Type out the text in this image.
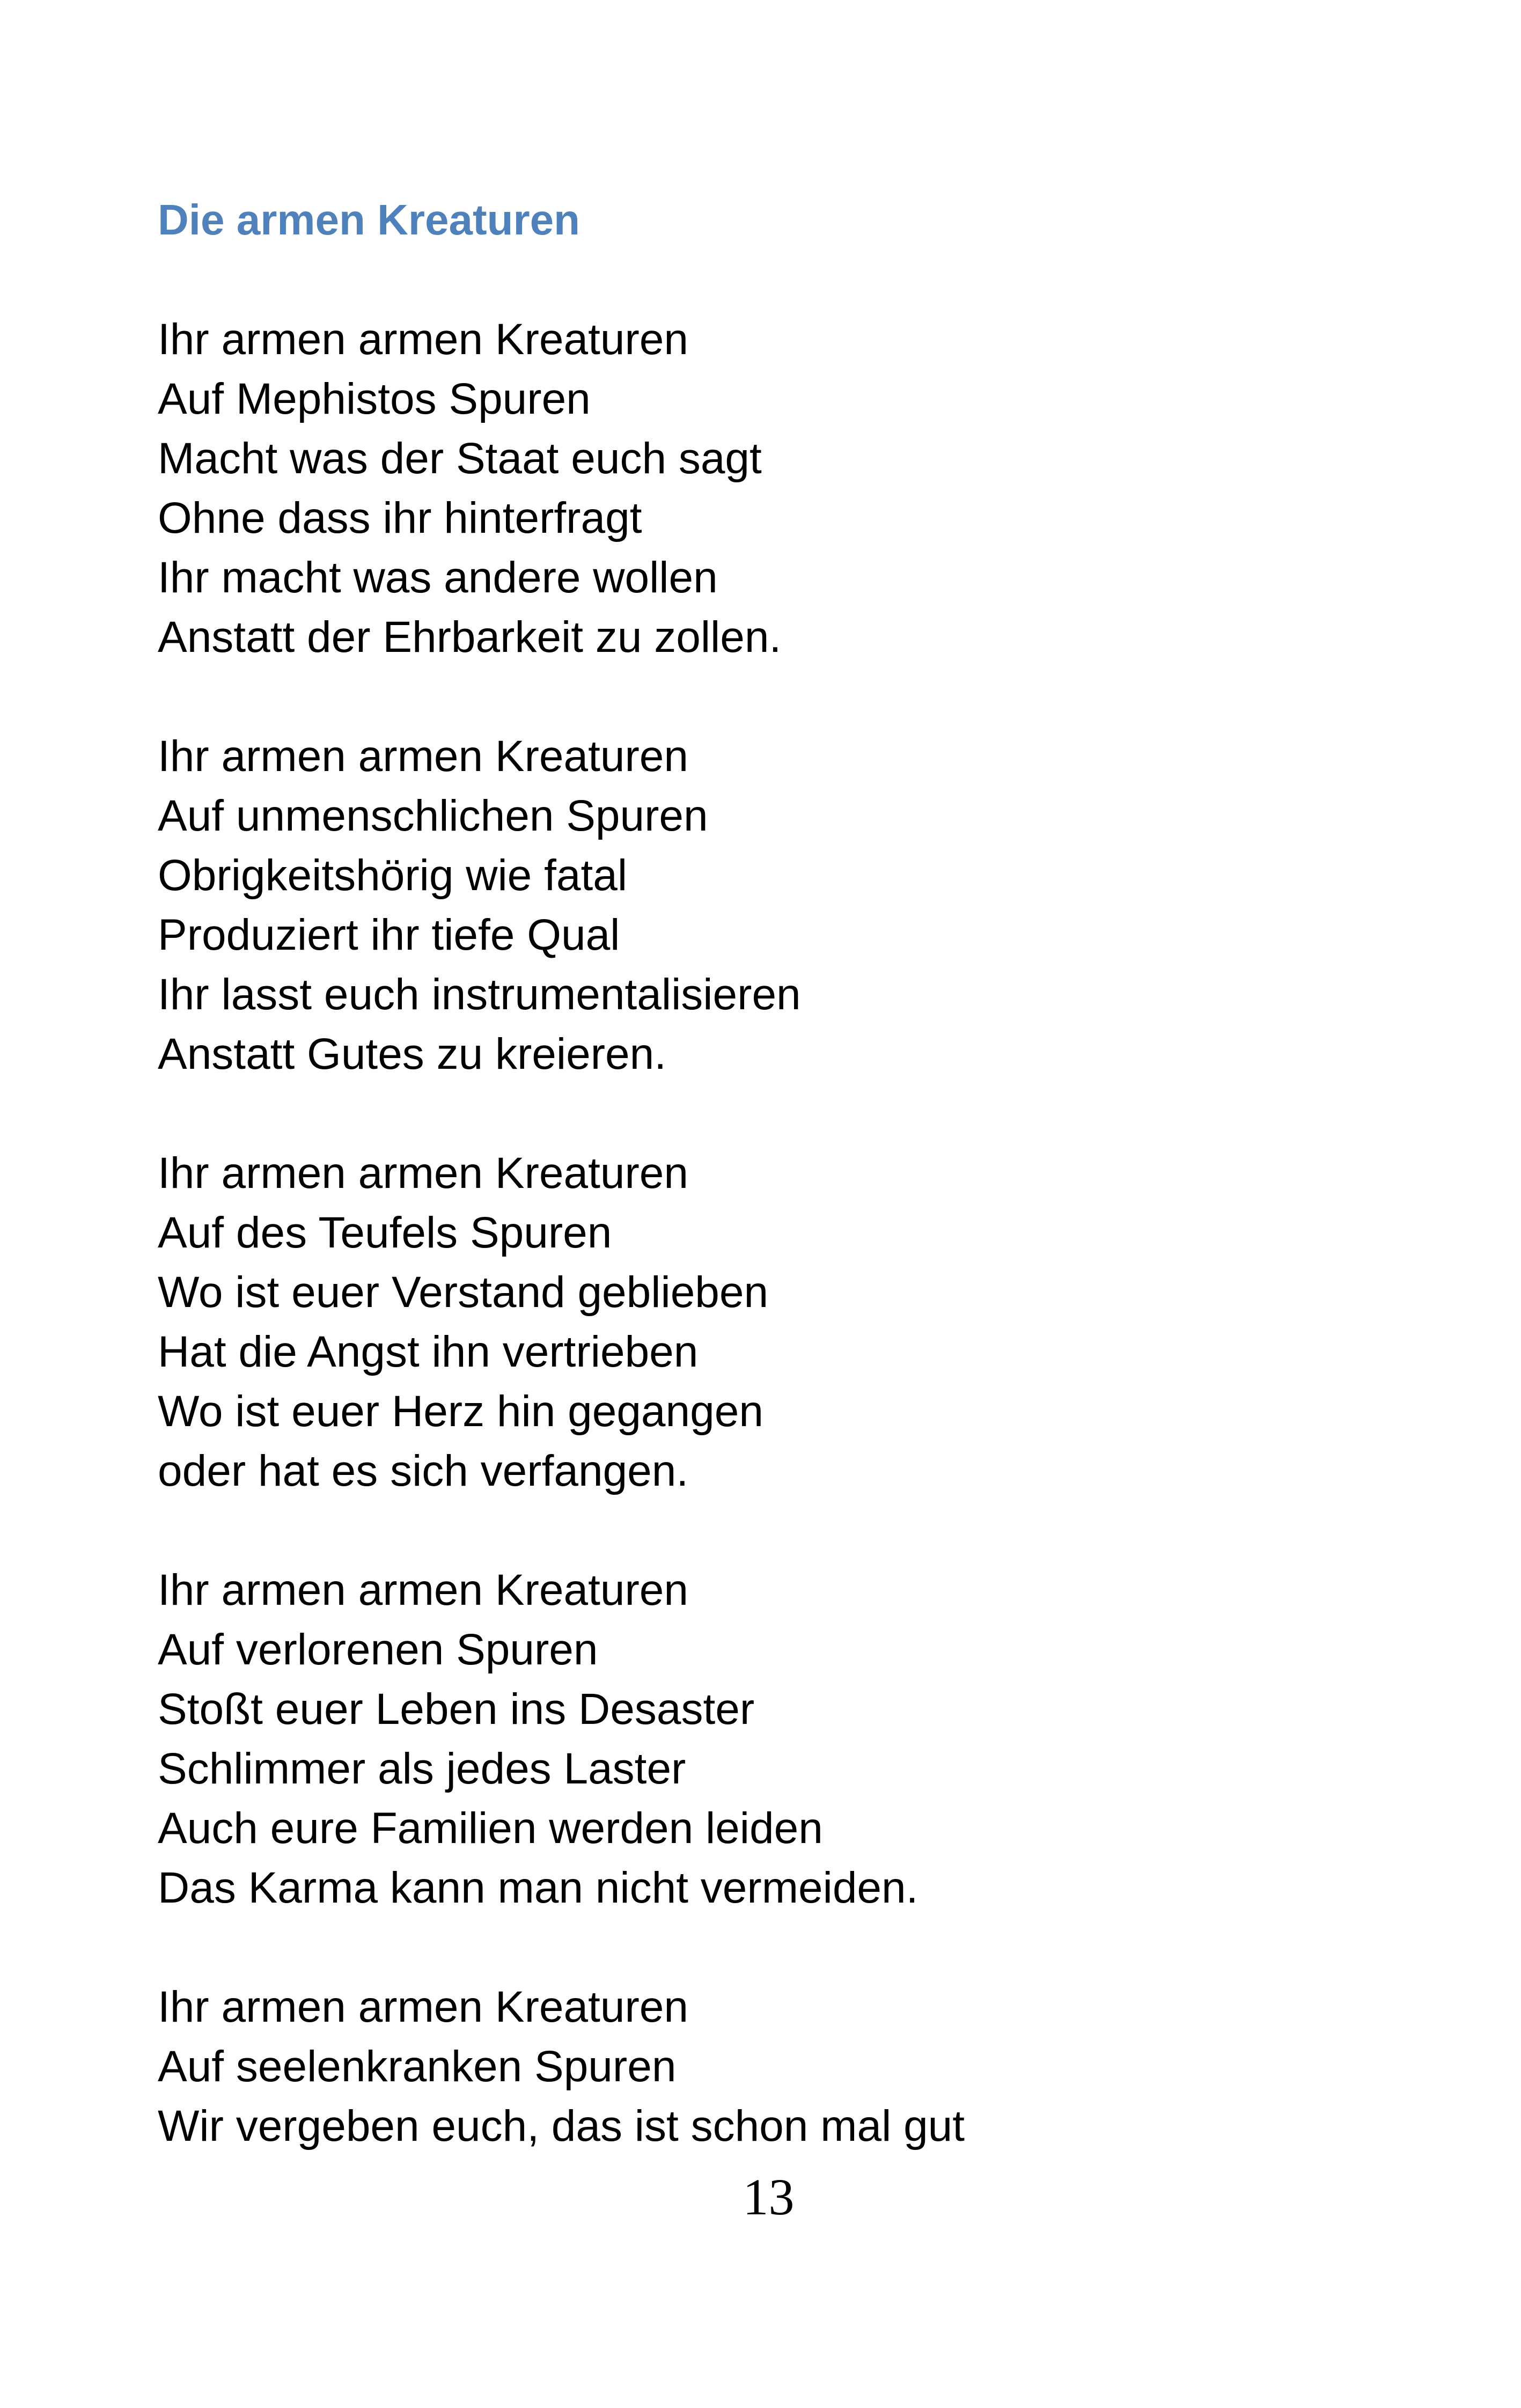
Die armen Kreaturen
Ihr armen armen Kreaturen
Auf Mephistos Spuren
Macht was der Staat euch sagt
Ohne dass ihr hinterfragt
Ihr macht was andere wollen
Anstatt der Ehrbarkeit zu zollen.
Ihr armen armen Kreaturen
Auf unmenschlichen Spuren
Obrigkeitshörig wie fatal
Produziert ihr tiefe Qual
Ihr lasst euch instrumentalisieren
Anstatt Gutes zu kreieren.
Ihr armen armen Kreaturen
Auf des Teufels Spuren
Wo ist euer Verstand geblieben
Hat die Angst ihn vertrieben
Wo ist euer Herz hin gegangen
oder hat es sich verfangen.
Ihr armen armen Kreaturen
Auf verlorenen Spuren
Stoßt euer Leben ins Desaster
Schlimmer als jedes Laster
Auch eure Familien werden leiden
Das Karma kann man nicht vermeiden.
Ihr armen armen Kreaturen
Auf seelenkranken Spuren
Wir vergeben euch, das ist schon mal gut
13
